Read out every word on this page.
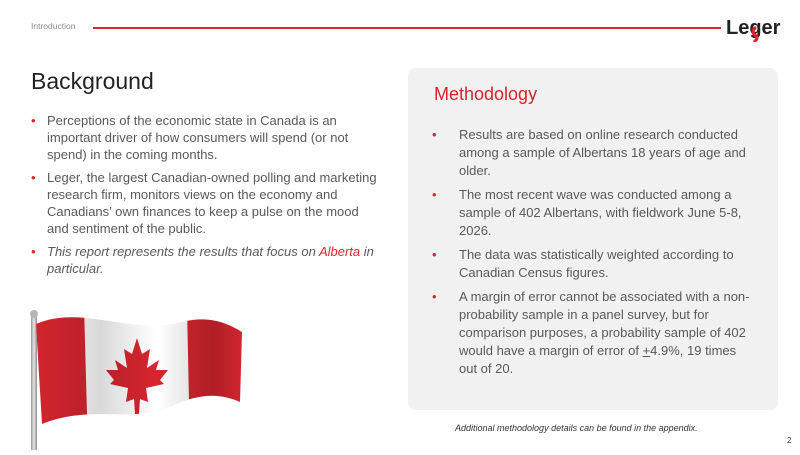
Introduction	Leger
Background
• Perceptions of the economic state in Canada is an important driver of how consumers will spend (or not spend) in the coming months.
• Leger, the largest Canadian-owned polling and marketing research firm, monitors views on the economy and Canadians’ own finances to keep a pulse on the mood and sentiment of the public.
• This report represents the results that focus on Alberta in particular.
Methodology
• Results are based on online research conducted among a sample of Albertans 18 years of age and older.
• The most recent wave was conducted among a sample of 402 Albertans, with fieldwork June 5-8, 2026.
• The data was statistically weighted according to Canadian Census figures.
• A margin of error cannot be associated with a non-probability sample in a panel survey, but for comparison purposes, a probability sample of 402 would have a margin of error of +4.9%, 19 times out of 20.
Additional methodology details can be found in the appendix.
2
